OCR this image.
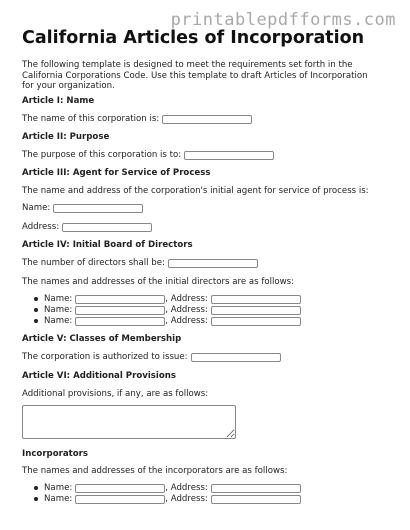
printablepdfforms.com
California Articles of Incorporation
The following template is designed to meet the requirements set forth in the California Corporations Code. Use this template to draft Articles of Incorporation for your organization.
Article I: Name
The name of this corporation is:
Article II: Purpose
The purpose of this corporation is to:
Article III: Agent for Service of Process
The name and address of the corporation's initial agent for service of process is:
Name:
Address:
Article IV: Initial Board of Directors
The number of directors shall be:
The names and addresses of the initial directors are as follows:
Name:	, Address:
Name:	, Address:
Name:	, Address:
Article V: Classes of Membership
The corporation is authorized to issue:
Article VI: Additional Provisions
Additional provisions, if any, are as follows:
Incorporators
The names and addresses of the incorporators are as follows:
Name:	, Address:
Name:	, Address:
